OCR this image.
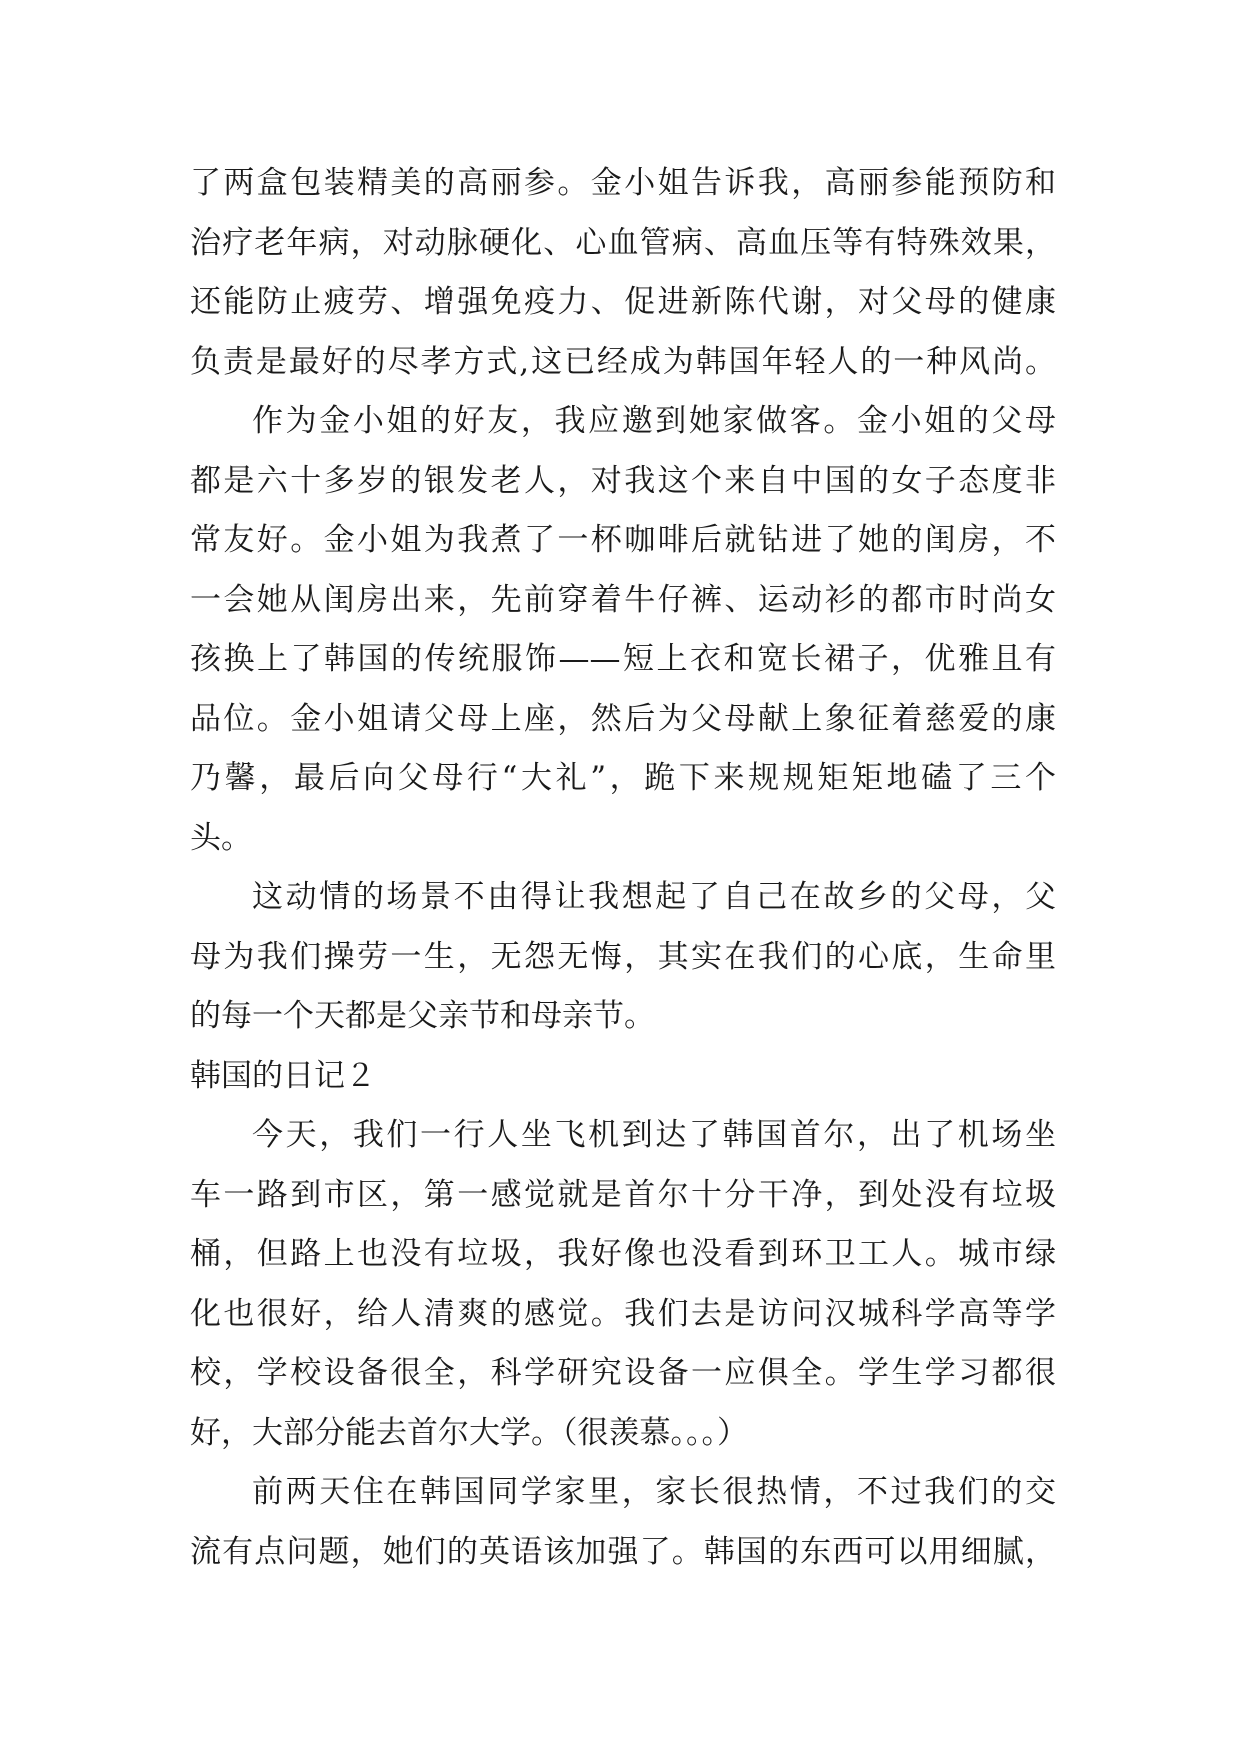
了两盒包装精美的高丽参。金小姐告诉我，高丽参能预防和
治疗老年病，对动脉硬化、心血管病、高血压等有特殊效果，
还能防止疲劳、增强免疫力、促进新陈代谢，对父母的健康
负责是最好的尽孝方式,这已经成为韩国年轻人的一种风尚。
作为金小姐的好友，我应邀到她家做客。金小姐的父母
都是六十多岁的银发老人，对我这个来自中国的女子态度非
常友好。金小姐为我煮了一杯咖啡后就钻进了她的闺房，不
一会她从闺房出来，先前穿着牛仔裤、运动衫的都市时尚女
孩换上了韩国的传统服饰——短上衣和宽长裙子，优雅且有
品位。金小姐请父母上座，然后为父母献上象征着慈爱的康
乃馨，最后向父母行“大礼”，跪下来规规矩矩地磕了三个
头。
这动情的场景不由得让我想起了自己在故乡的父母，父
母为我们操劳一生，无怨无悔，其实在我们的心底，生命里
的每一个天都是父亲节和母亲节。
韩国的日记２
今天，我们一行人坐飞机到达了韩国首尔，出了机场坐
车一路到市区，第一感觉就是首尔十分干净，到处没有垃圾
桶，但路上也没有垃圾，我好像也没看到环卫工人。城市绿
化也很好，给人清爽的感觉。我们去是访问汉城科学高等学
校，学校设备很全，科学研究设备一应俱全。学生学习都很
好，大部分能去首尔大学。（很羡慕。。。）
前两天住在韩国同学家里，家长很热情，不过我们的交
流有点问题，她们的英语该加强了。韩国的东西可以用细腻，
